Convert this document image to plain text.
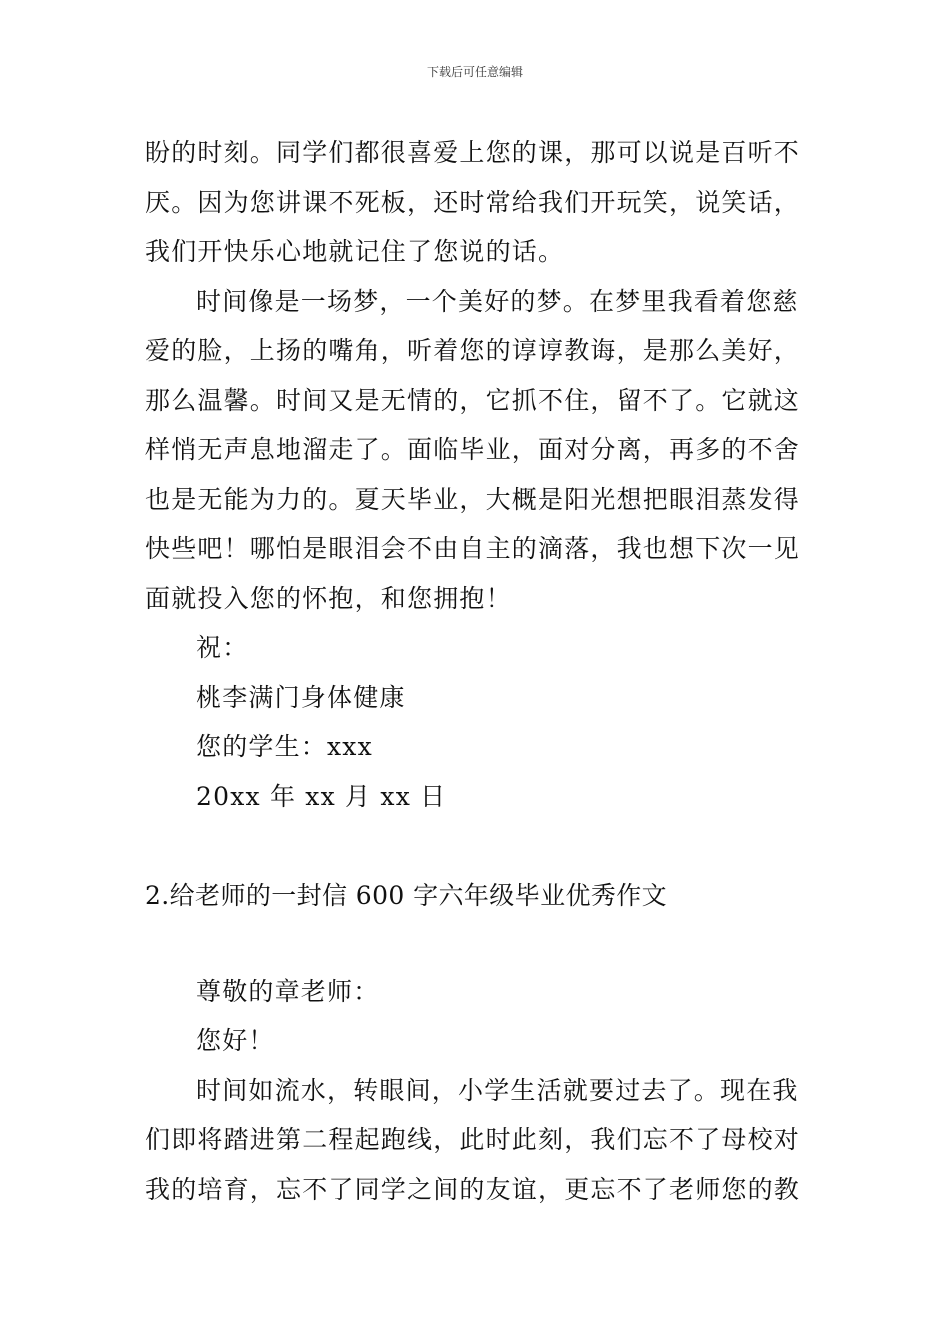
下载后可任意编辑
盼的时刻。同学们都很喜爱上您的课，那可以说是百听不
厌。因为您讲课不死板，还时常给我们开玩笑，说笑话，
我们开快乐心地就记住了您说的话。
时间像是一场梦，一个美好的梦。在梦里我看着您慈
爱的脸，上扬的嘴角，听着您的谆谆教诲，是那么美好，
那么温馨。时间又是无情的，它抓不住，留不了。它就这
样悄无声息地溜走了。面临毕业，面对分离，再多的不舍
也是无能为力的。夏天毕业，大概是阳光想把眼泪蒸发得
快些吧！哪怕是眼泪会不由自主的滴落，我也想下次一见
面就投入您的怀抱，和您拥抱！
祝：
桃李满门身体健康
您的学生：xxx
20xx 年 xx 月 xx 日
2.给老师的一封信 600 字六年级毕业优秀作文
尊敬的章老师：
您好！
时间如流水，转眼间，小学生活就要过去了。现在我
们即将踏进第二程起跑线，此时此刻，我们忘不了母校对
我的培育，忘不了同学之间的友谊，更忘不了老师您的教
